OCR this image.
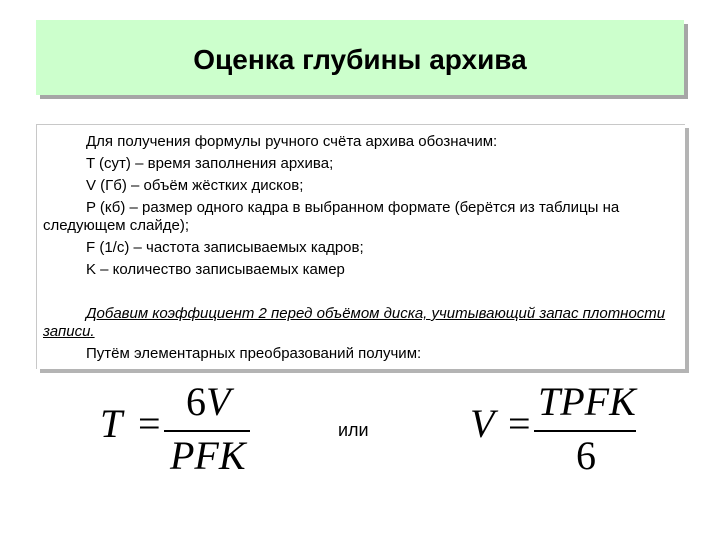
Оценка глубины архива

Для получения формулы ручного счёта архива обозначим:

T (сут) – время заполнения архива;

V (Гб) – объём жёстких дисков;

P (кб) – размер одного кадра в выбранном формате (берётся из таблицы на следующем слайде);

F (1/с) – частота записываемых кадров;

K – количество записываемых камер

Добавим коэффициент 2 перед объёмом диска, учитывающий запас плотности записи.

Путём элементарных преобразований получим:

T = 6V
PFK
или	V = TPFK
6
